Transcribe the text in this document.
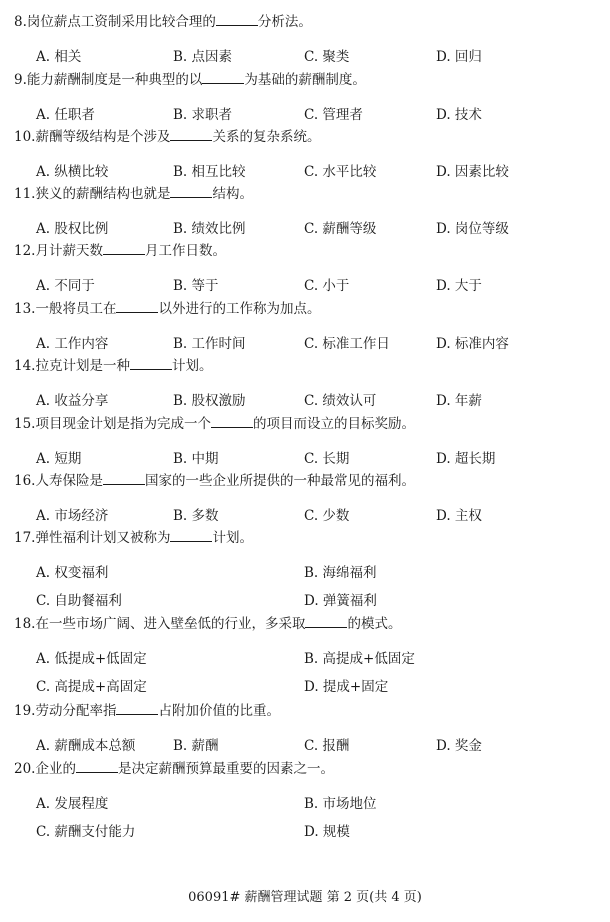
8.岗位薪点工资制采用比较合理的	分析法。
A. 相关	B. 点因素	C. 聚类	D. 回归
9.能力薪酬制度是一种典型的以	为基础的薪酬制度。
A. 任职者	B. 求职者	C. 管理者	D. 技术
10.薪酬等级结构是个涉及	关系的复杂系统。
A. 纵横比较	B. 相互比较	C. 水平比较	D. 因素比较
11.狭义的薪酬结构也就是	结构。
A. 股权比例	B. 绩效比例	C. 薪酬等级	D. 岗位等级
12.月计薪天数	月工作日数。
A. 不同于	B. 等于	C. 小于	D. 大于
13.一般将员工在	以外进行的工作称为加点。
A. 工作内容	B. 工作时间	C. 标准工作日	D. 标准内容
14.拉克计划是一种	计划。
A. 收益分享	B. 股权激励	C. 绩效认可	D. 年薪
15.项目现金计划是指为完成一个	的项目而设立的目标奖励。
A. 短期	B. 中期	C. 长期	D. 超长期
16.人寿保险是	国家的一些企业所提供的一种最常见的福利。
A. 市场经济	B. 多数	C. 少数	D. 主权
17.弹性福利计划又被称为	计划。
A. 权变福利	B. 海绵福利
C. 自助餐福利	D. 弹簧福利
18.在一些市场广阔、进入壁垒低的行业，多采取	的模式。
A. 低提成+低固定	B. 高提成+低固定
C. 高提成+高固定	D. 提成+固定
19.劳动分配率指	占附加价值的比重。
A. 薪酬成本总额	B. 薪酬	C. 报酬	D. 奖金
20.企业的	是决定薪酬预算最重要的因素之一。
A. 发展程度	B. 市场地位
C. 薪酬支付能力	D. 规模
06091# 薪酬管理试题 第 2 页(共 4 页)
